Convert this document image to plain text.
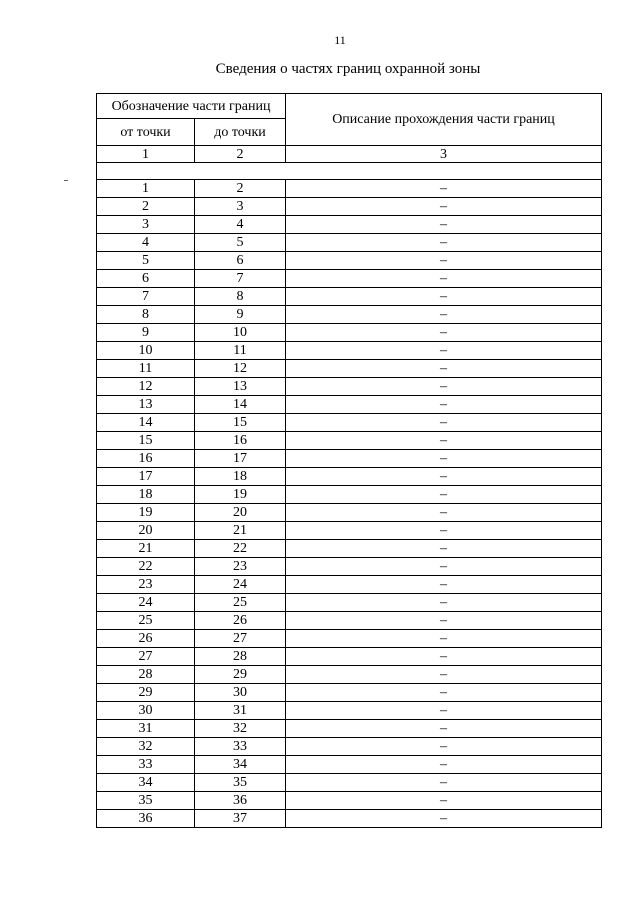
11
Сведения о частях границ охранной зоны
Обозначение части границ		Описание прохождения части границ
от точки	до точки	
1	2	3

1	2	–
2	3	–
3	4	–
4	5	–
5	6	–
6	7	–
7	8	–
8	9	–
9	10	–
10	11	–
11	12	–
12	13	–
13	14	–
14	15	–
15	16	–
16	17	–
17	18	–
18	19	–
19	20	–
20	21	–
21	22	–
22	23	–
23	24	–
24	25	–
25	26	–
26	27	–
27	28	–
28	29	–
29	30	–
30	31	–
31	32	–
32	33	–
33	34	–
34	35	–
35	36	–
36	37	–
